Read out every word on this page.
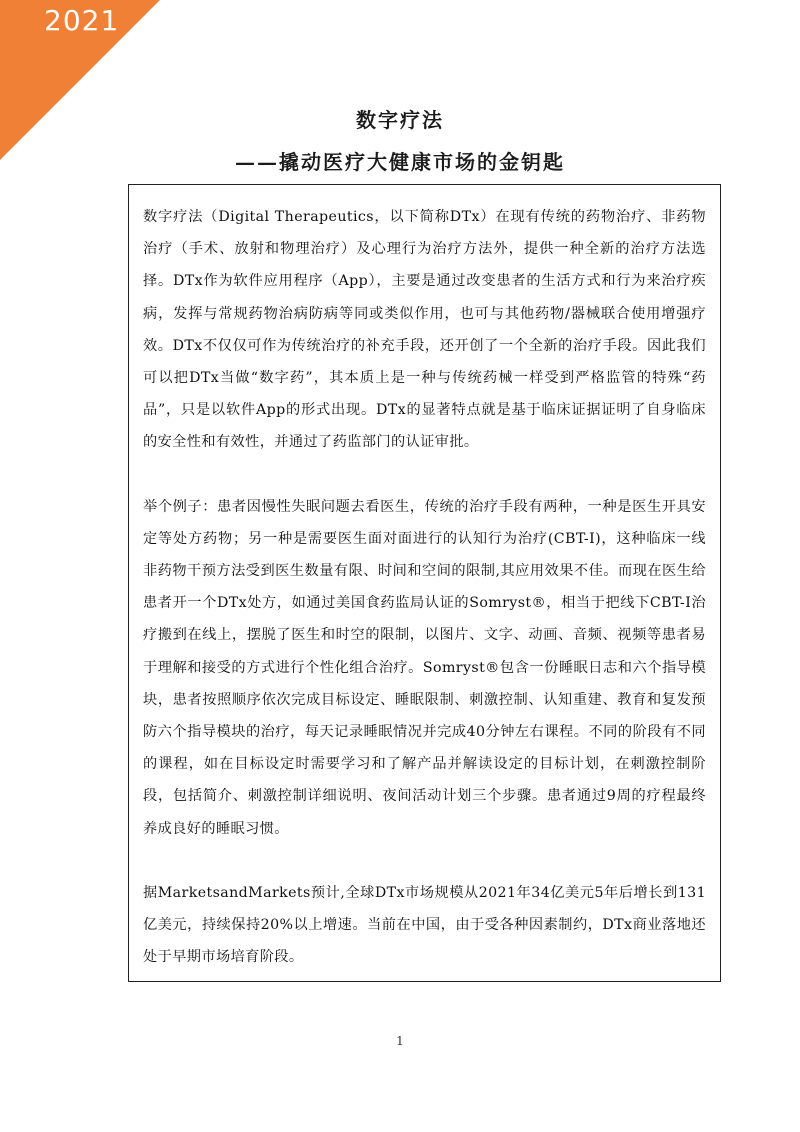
2021
数字疗法
——撬动医疗大健康市场的金钥匙

数字疗法（Digital Therapeutics，以下简称DTx）在现有传统的药物治疗、非药物治疗（手术、放射和物理治疗）及心理行为治疗方法外，提供一种全新的治疗方法选择。DTx作为软件应用程序（App），主要是通过改变患者的生活方式和行为来治疗疾病，发挥与常规药物治病防病等同或类似作用，也可与其他药物/器械联合使用增强疗效。DTx不仅仅可作为传统治疗的补充手段，还开创了一个全新的治疗手段。因此我们可以把DTx当做“数字药”，其本质上是一种与传统药械一样受到严格监管的特殊“药品”，只是以软件App的形式出现。DTx的显著特点就是基于临床证据证明了自身临床的安全性和有效性，并通过了药监部门的认证审批。

举个例子：患者因慢性失眠问题去看医生，传统的治疗手段有两种，一种是医生开具安定等处方药物；另一种是需要医生面对面进行的认知行为治疗(CBT-I)，这种临床一线非药物干预方法受到医生数量有限、时间和空间的限制,其应用效果不佳。而现在医生给患者开一个DTx处方，如通过美国食药监局认证的Somryst®，相当于把线下CBT-I治疗搬到在线上，摆脱了医生和时空的限制，以图片、文字、动画、音频、视频等患者易于理解和接受的方式进行个性化组合治疗。Somryst®包含一份睡眠日志和六个指导模块，患者按照顺序依次完成目标设定、睡眠限制、刺激控制、认知重建、教育和复发预防六个指导模块的治疗，每天记录睡眠情况并完成40分钟左右课程。不同的阶段有不同的课程，如在目标设定时需要学习和了解产品并解读设定的目标计划，在刺激控制阶段，包括简介、刺激控制详细说明、夜间活动计划三个步骤。患者通过9周的疗程最终养成良好的睡眠习惯。

据MarketsandMarkets预计,全球DTx市场规模从2021年34亿美元5年后增长到131亿美元，持续保持20%以上增速。当前在中国，由于受各种因素制约，DTx商业落地还处于早期市场培育阶段。

1
